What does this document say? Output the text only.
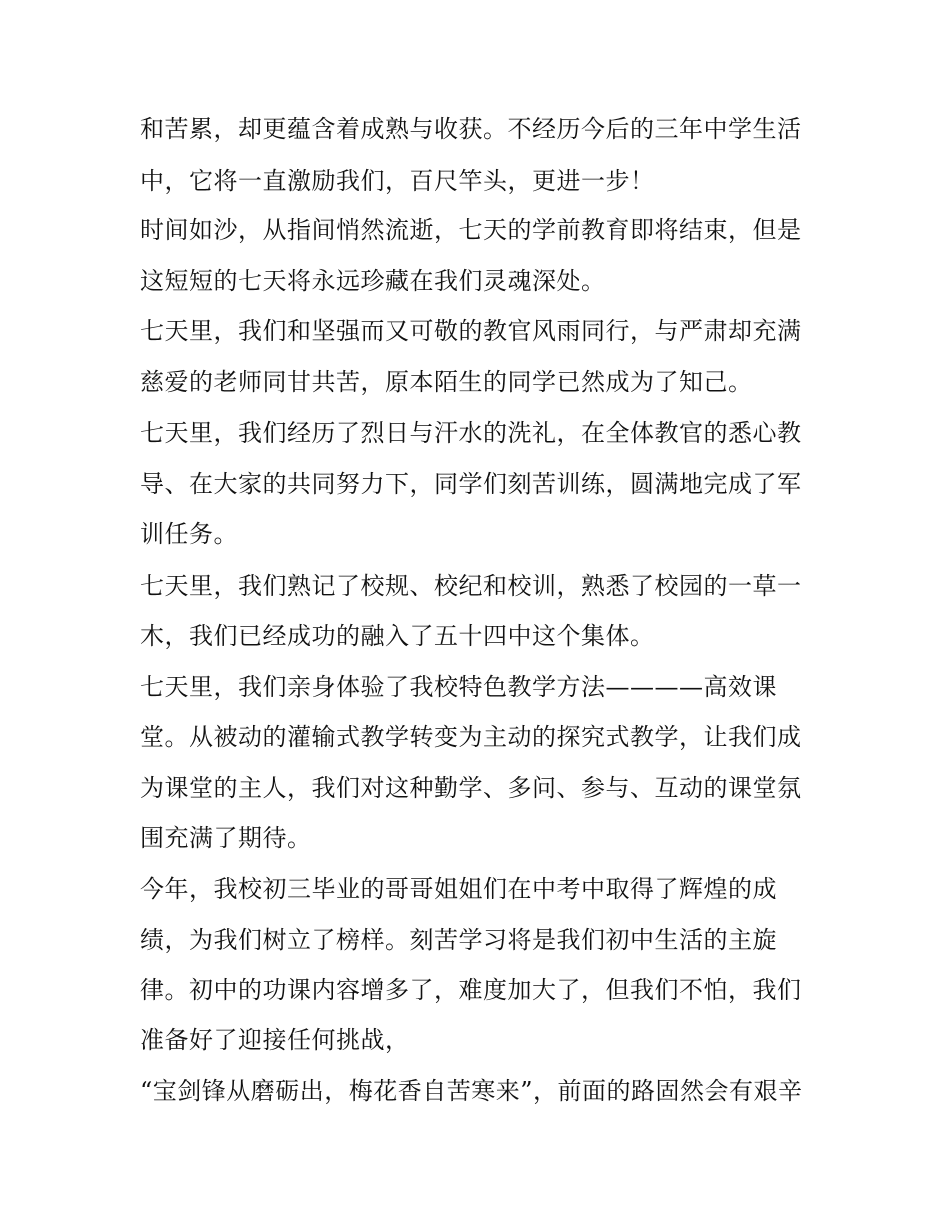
和苦累，却更蕴含着成熟与收获。不经历今后的三年中学生活
中，它将一直激励我们，百尺竿头，更进一步！
时间如沙，从指间悄然流逝，七天的学前教育即将结束，但是
这短短的七天将永远珍藏在我们灵魂深处。
七天里，我们和坚强而又可敬的教官风雨同行，与严肃却充满
慈爱的老师同甘共苦，原本陌生的同学已然成为了知己。
七天里，我们经历了烈日与汗水的洗礼，在全体教官的悉心教
导、在大家的共同努力下，同学们刻苦训练，圆满地完成了军
训任务。
七天里，我们熟记了校规、校纪和校训，熟悉了校园的一草一
木，我们已经成功的融入了五十四中这个集体。
七天里，我们亲身体验了我校特色教学方法————高效课
堂。从被动的灌输式教学转变为主动的探究式教学，让我们成
为课堂的主人，我们对这种勤学、多问、参与、互动的课堂氛
围充满了期待。
今年，我校初三毕业的哥哥姐姐们在中考中取得了辉煌的成
绩，为我们树立了榜样。刻苦学习将是我们初中生活的主旋
律。初中的功课内容增多了，难度加大了，但我们不怕，我们
准备好了迎接任何挑战，
“宝剑锋从磨砺出，梅花香自苦寒来”，前面的路固然会有艰辛
